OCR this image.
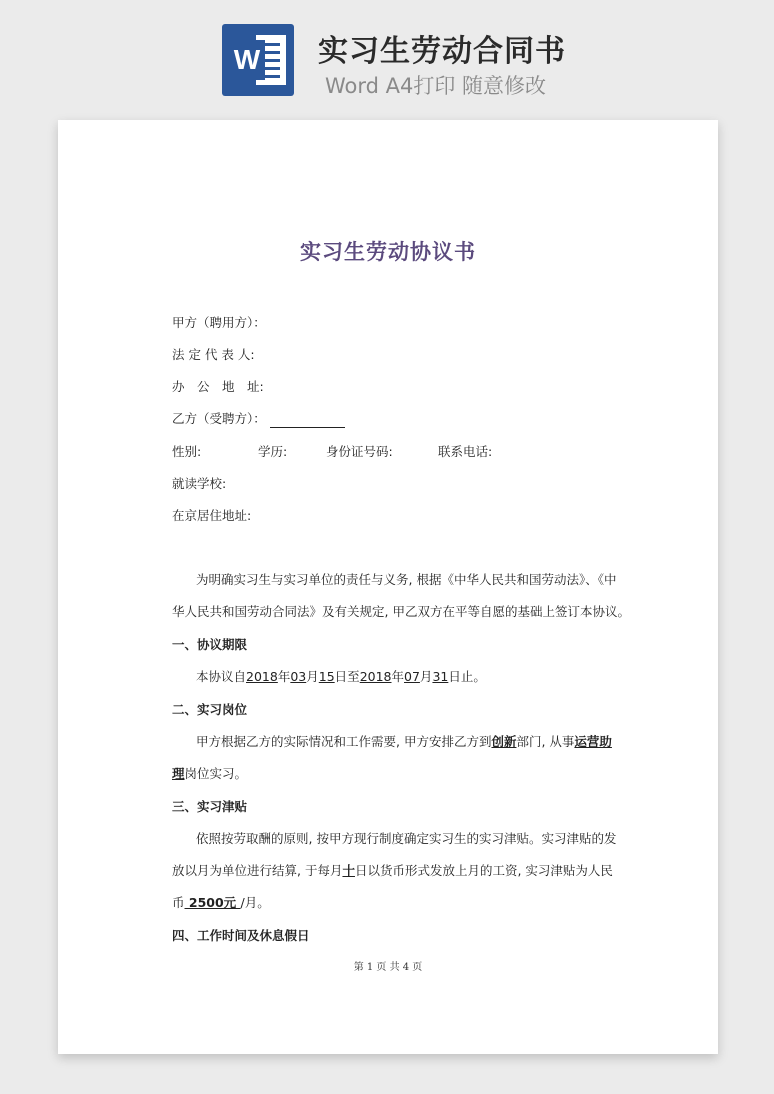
W 实习生劳动合同书
Word A4打印 随意修改
实习生劳动协议书
甲方（聘用方）：
法 定 代 表 人:
办　公　地　址:
乙方（受聘方）：
性别:	学历:	身份证号码:	联系电话:
就读学校:
在京居住地址:
为明确实习生与实习单位的责任与义务, 根据《中华人民共和国劳动法》、《中
华人民共和国劳动合同法》及有关规定, 甲乙双方在平等自愿的基础上签订本协议。
一、协议期限
本协议自2018年03月15日至2018年07月31日止。
二、实习岗位
甲方根据乙方的实际情况和工作需要, 甲方安排乙方到创新部门, 从事运营助
理岗位实习。
三、实习津贴
依照按劳取酬的原则, 按甲方现行制度确定实习生的实习津贴。实习津贴的发
放以月为单位进行结算, 于每月十日以货币形式发放上月的工资, 实习津贴为人民
币 2500元 /月。
四、工作时间及休息假日
第 1 页 共 4 页
